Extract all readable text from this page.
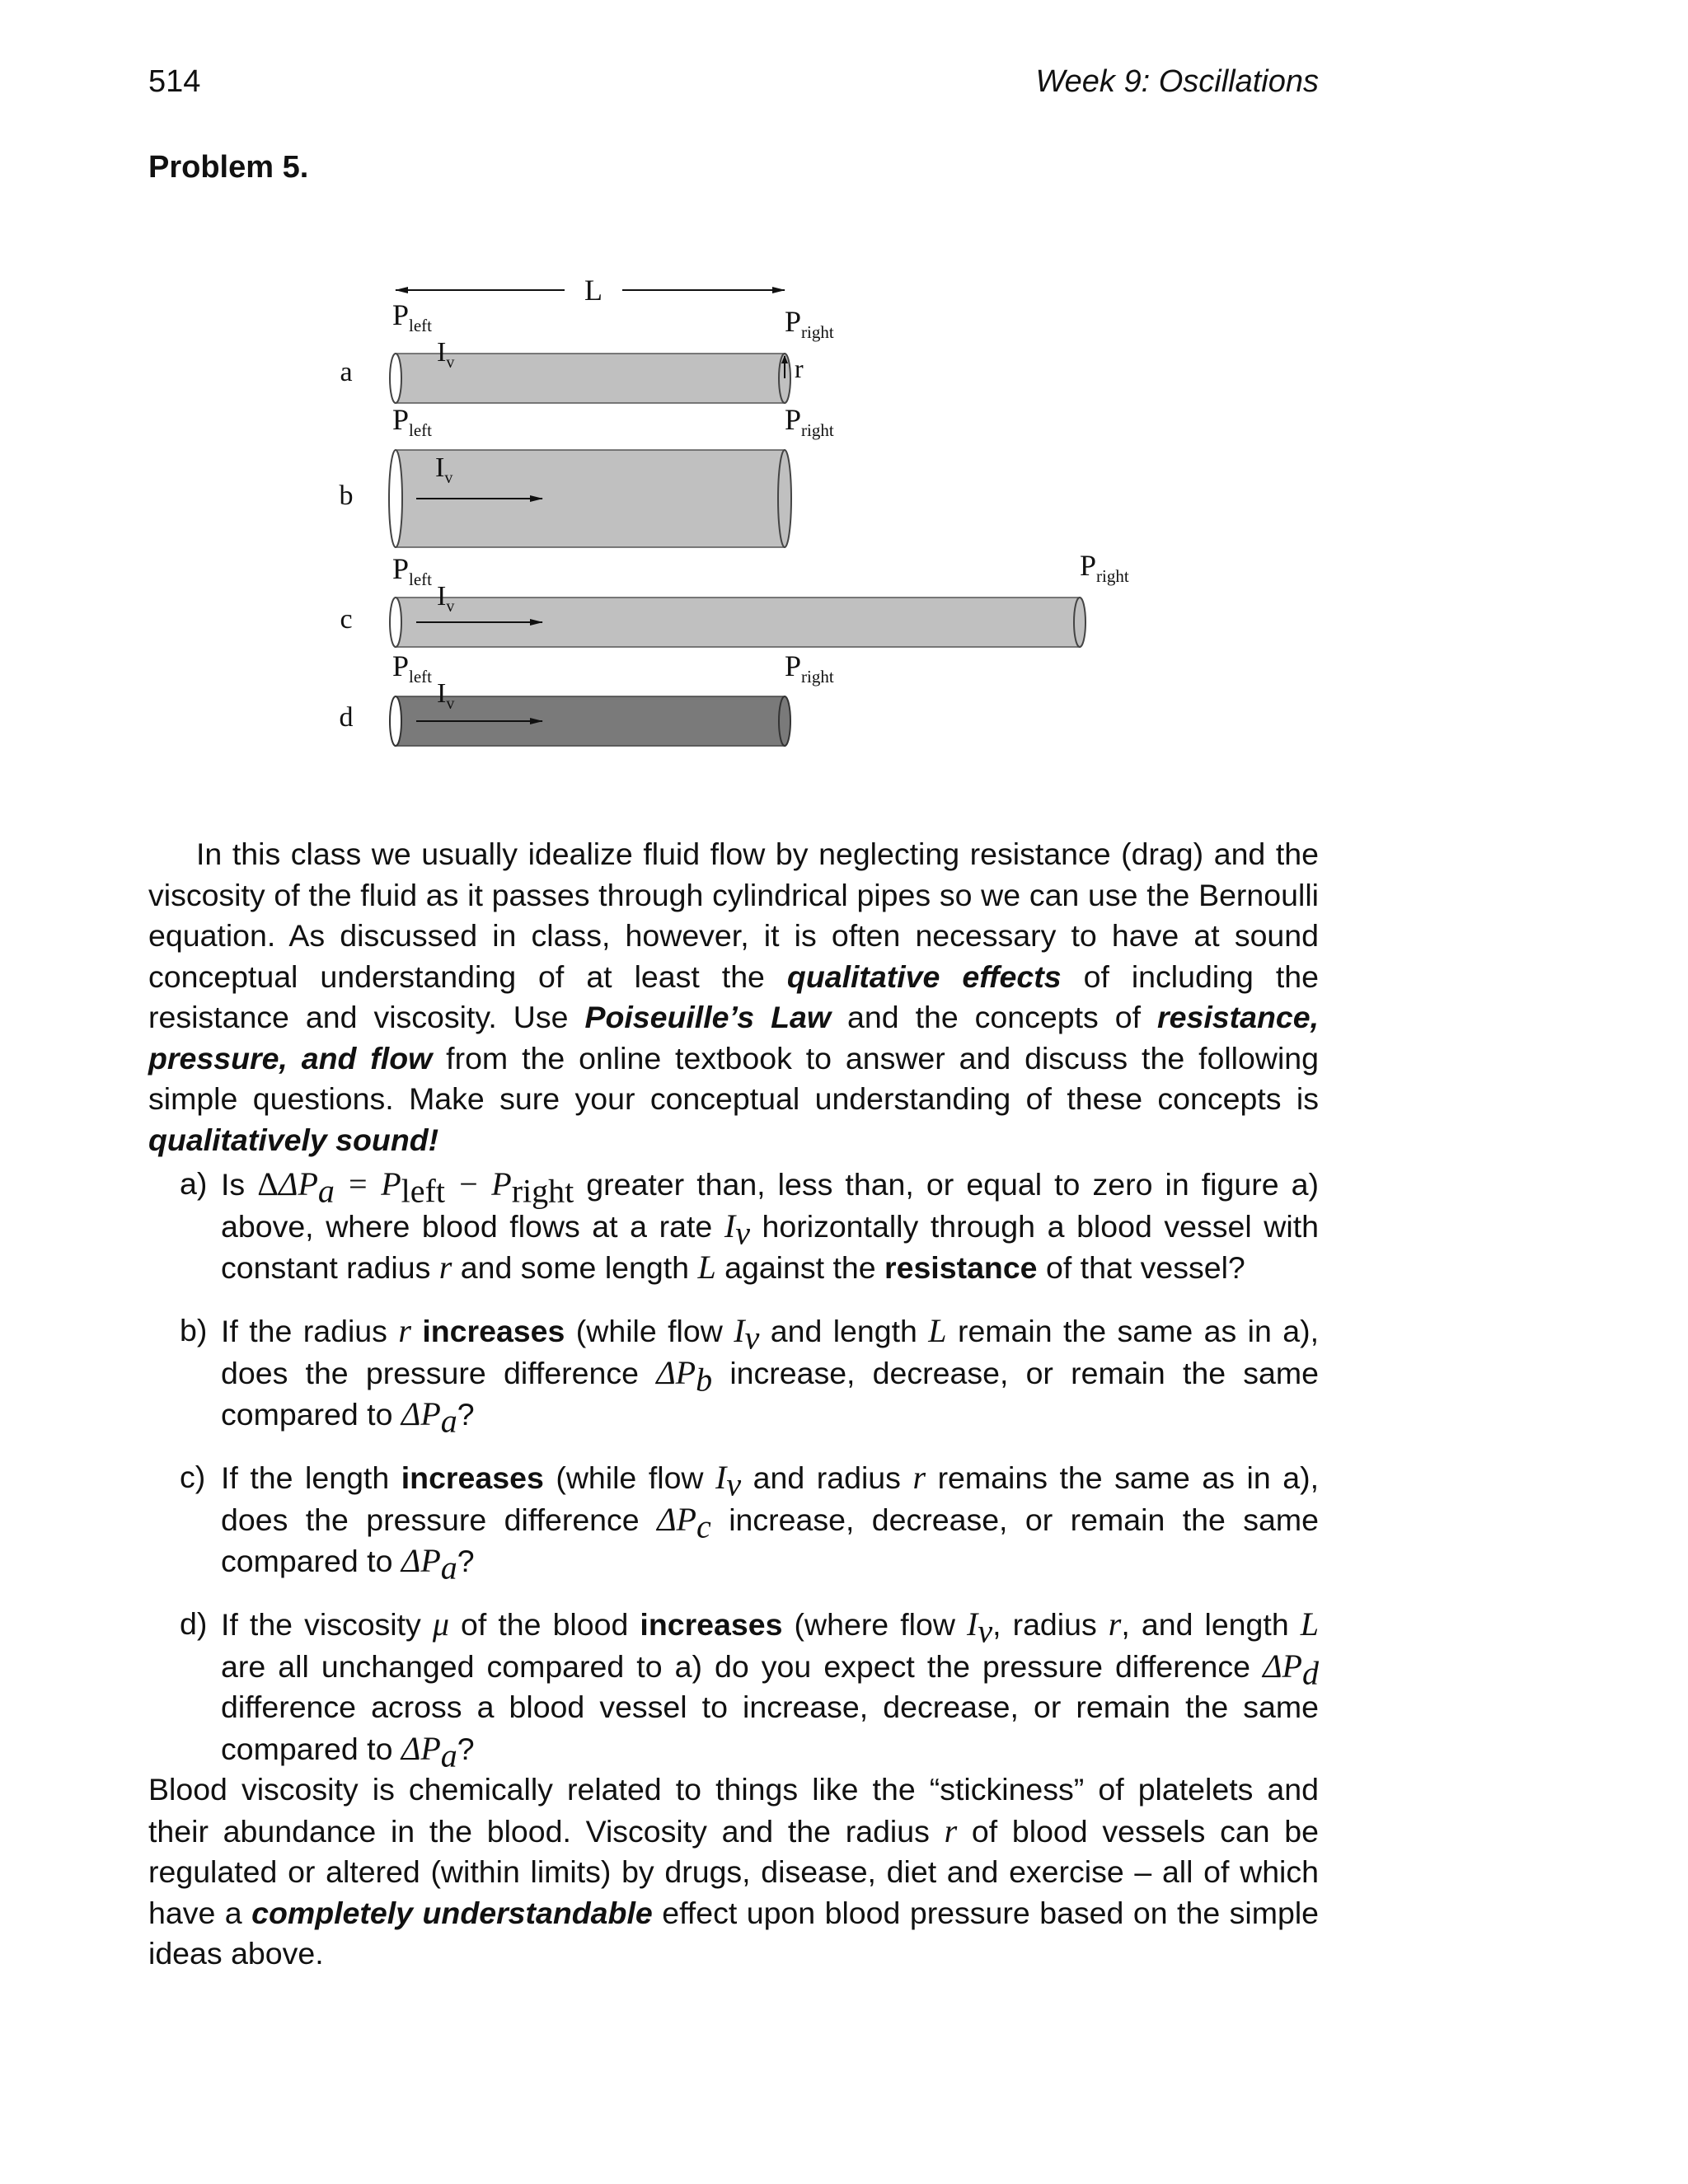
514	Week 9: Oscillations
Problem 5.
L
a	r
$P_{left}$
$I_v$
$P_{right}$
b
$P_{left}$
$I_v$
$P_{right}$
c
$P_{left}$
$I_v$
$P_{right}$
d
$P_{left}$
$I_v$
$P_{right}$

In this class we usually idealize fluid flow by neglecting resistance (drag) and the viscosity of the fluid as it passes through cylindrical pipes so we can use the Bernoulli equation. As discussed in class, however, it is often necessary to have at sound conceptual understanding of at least the qualitative effects of including the resistance and viscosity. Use Poiseuille’s Law and the concepts of resistance, pressure, and flow from the online textbook to answer and discuss the following simple questions. Make sure your conceptual understanding of these concepts is qualitatively sound!

a) Is $\Delta\Delta P_a = P_{left} - P_{right}$ greater than, less than, or equal to zero in figure a) above, where blood flows at a rate $I_v$ horizontally through a blood vessel with constant radius r and some length L against the resistance of that vessel?
b) If the radius r increases (while flow $I_v$ and length L remain the same as in a), does the pressure difference $\Delta P_b$ increase, decrease, or remain the same compared to $\Delta P_a$?
c) If the length increases (while flow $I_v$ and radius r remains the same as in a), does the pressure difference $\Delta P_c$ increase, decrease, or remain the same compared to $\Delta P_a$?
d) If the viscosity μ of the blood increases (where flow $I_v$, radius r, and length L are all unchanged compared to a) do you expect the pressure difference $\Delta P_d$ difference across a blood vessel to increase, decrease, or remain the same compared to $\Delta P_a$?

Blood viscosity is chemically related to things like the “stickiness” of platelets and their abundance in the blood. Viscosity and the radius r of blood vessels can be regulated or altered (within limits) by drugs, disease, diet and exercise – all of which have a completely understandable effect upon blood pressure based on the simple ideas above.
